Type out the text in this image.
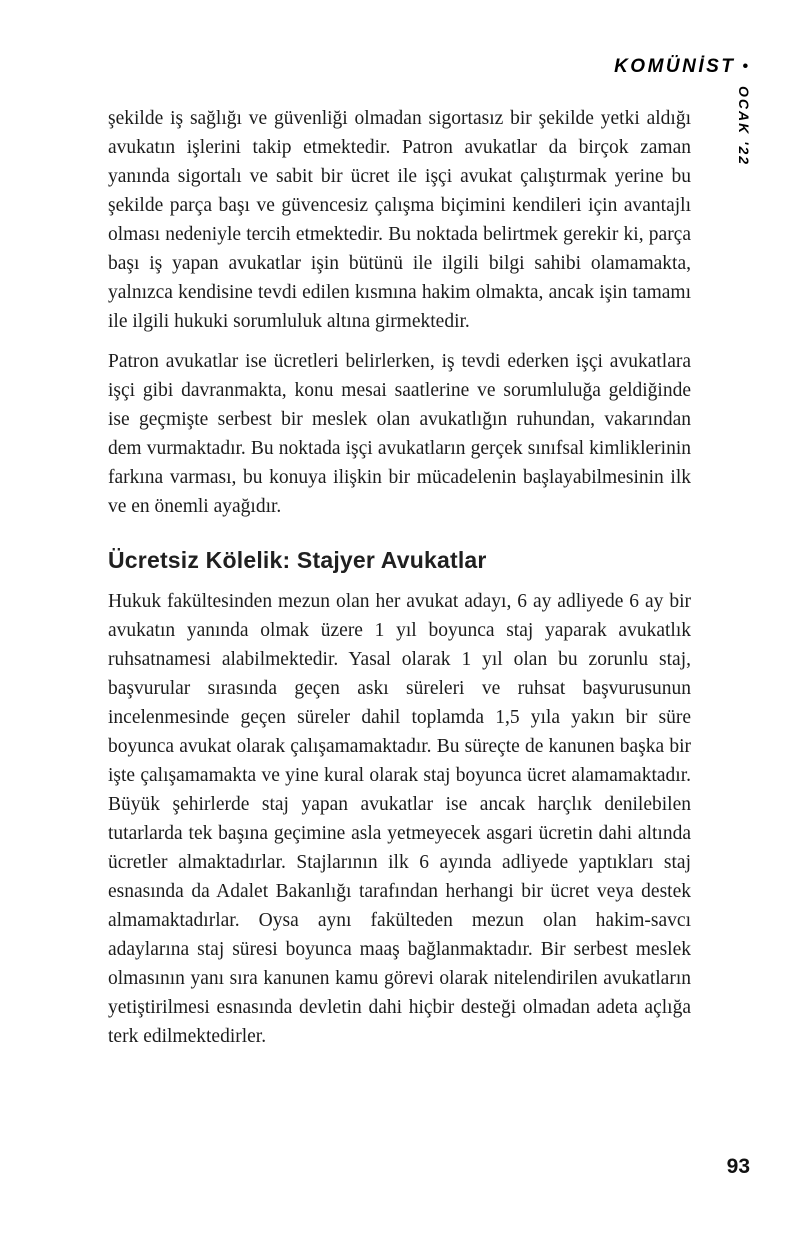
KOMÜNİST •
OCAK '22

şekilde iş sağlığı ve güvenliği olmadan sigortasız bir şekilde yetki aldığı avukatın işlerini takip etmektedir. Patron avukatlar da birçok zaman yanında sigortalı ve sabit bir ücret ile işçi avukat çalıştırmak yerine bu şekilde parça başı ve güvencesiz çalışma biçimini kendileri için avantajlı olması nedeniyle tercih etmektedir. Bu noktada belirtmek gerekir ki, parça başı iş yapan avukatlar işin bütünü ile ilgili bilgi sahibi olamamakta, yalnızca kendisine tevdi edilen kısmına hakim olmakta, ancak işin tamamı ile ilgili hukuki sorumluluk altına girmektedir.

Patron avukatlar ise ücretleri belirlerken, iş tevdi ederken işçi avukatlara işçi gibi davranmakta, konu mesai saatlerine ve sorumluluğa geldiğinde ise geçmişte serbest bir meslek olan avukatlığın ruhundan, vakarından dem vurmaktadır. Bu noktada işçi avukatların gerçek sınıfsal kimliklerinin farkına varması, bu konuya ilişkin bir mücadelenin başlayabilmesinin ilk ve en önemli ayağıdır.

Ücretsiz Kölelik: Stajyer Avukatlar

Hukuk fakültesinden mezun olan her avukat adayı, 6 ay adliyede 6 ay bir avukatın yanında olmak üzere 1 yıl boyunca staj yaparak avukatlık ruhsatnamesi alabilmektedir. Yasal olarak 1 yıl olan bu zorunlu staj, başvurular sırasında geçen askı süreleri ve ruhsat başvurusunun incelenmesinde geçen süreler dahil toplamda 1,5 yıla yakın bir süre boyunca avukat olarak çalışamamaktadır. Bu süreçte de kanunen başka bir işte çalışamamakta ve yine kural olarak staj boyunca ücret alamamaktadır. Büyük şehirlerde staj yapan avukatlar ise ancak harçlık denilebilen tutarlarda tek başına geçimine asla yetmeyecek asgari ücretin dahi altında ücretler almaktadırlar. Stajlarının ilk 6 ayında adliyede yaptıkları staj esnasında da Adalet Bakanlığı tarafından herhangi bir ücret veya destek almamaktadırlar. Oysa aynı fakülteden mezun olan hakim-savcı adaylarına staj süresi boyunca maaş bağlanmaktadır. Bir serbest meslek olmasının yanı sıra kanunen kamu görevi olarak nitelendirilen avukatların yetiştirilmesi esnasında devletin dahi hiçbir desteği olmadan adeta açlığa terk edilmektedirler.

93
